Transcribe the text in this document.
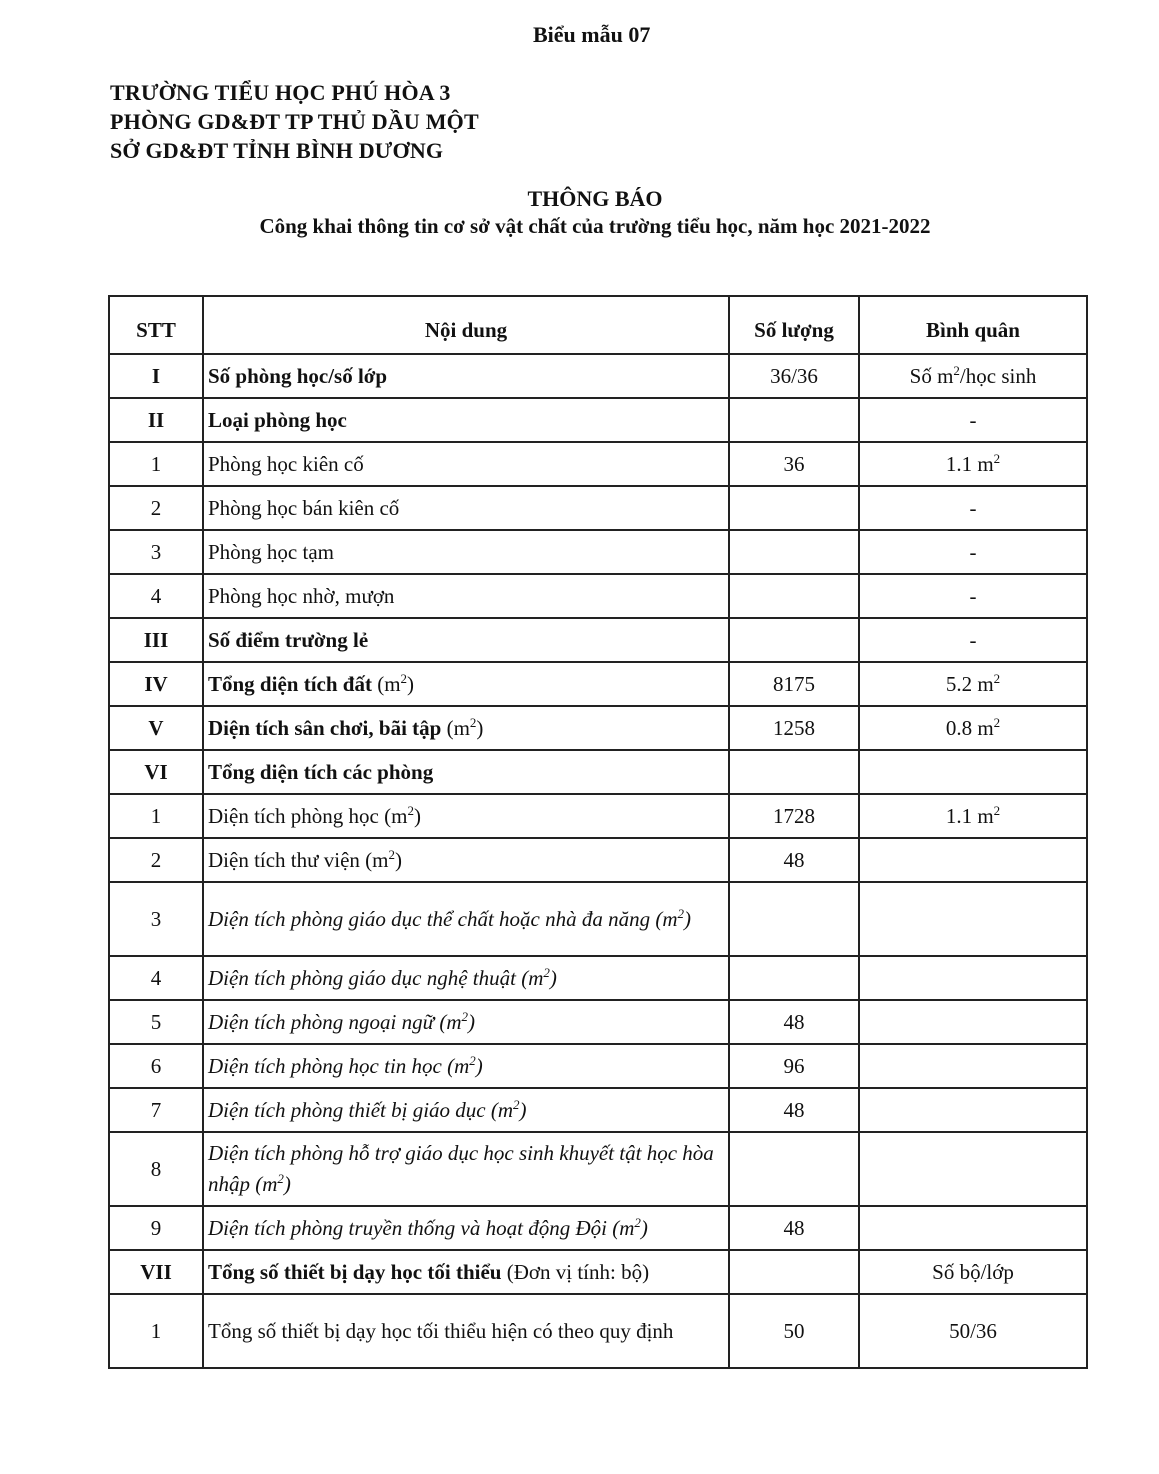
Biểu mẫu 07
TRƯỜNG TIỂU HỌC PHÚ HÒA 3
PHÒNG GD&ĐT TP THỦ DẦU MỘT
SỞ GD&ĐT TỈNH BÌNH DƯƠNG
THÔNG BÁO
Công khai thông tin cơ sở vật chất của trường tiểu học, năm học 2021-2022
STT	Nội dung	Số lượng	Bình quân
I	Số phòng học/số lớp	36/36	Số $m^2$/học sinh
II	Loại phòng học		-
1	Phòng học kiên cố	36	1.1 $m^2$
2	Phòng học bán kiên cố		-
3	Phòng học tạm		-
4	Phòng học nhờ, mượn		-
III	Số điểm trường lẻ		-
IV	Tổng diện tích đất $(m^2)$	8175	5.2 $m^2$
V	Diện tích sân chơi, bãi tập $(m^2)$	1258	0.8 $m^2$
VI	Tổng diện tích các phòng		
1	Diện tích phòng học $(m^2)$	1728	1.1 $m^2$
2	Diện tích thư viện $(m^2)$	48	
3	Diện tích phòng giáo dục thể chất hoặc nhà đa năng $(m^2)$		
4	Diện tích phòng giáo dục nghệ thuật $(m^2)$		
5	Diện tích phòng ngoại ngữ $(m^2)$	48	
6	Diện tích phòng học tin học $(m^2)$	96	
7	Diện tích phòng thiết bị giáo dục $(m^2)$	48	
8	Diện tích phòng hỗ trợ giáo dục học sinh khuyết tật học hòa nhập $(m^2)$		
9	Diện tích phòng truyền thống và hoạt động Đội $(m^2)$	48	
VII	Tổng số thiết bị dạy học tối thiểu (Đơn vị tính: bộ)		Số bộ/lớp
1	Tổng số thiết bị dạy học tối thiểu hiện có theo quy định	50	50/36
